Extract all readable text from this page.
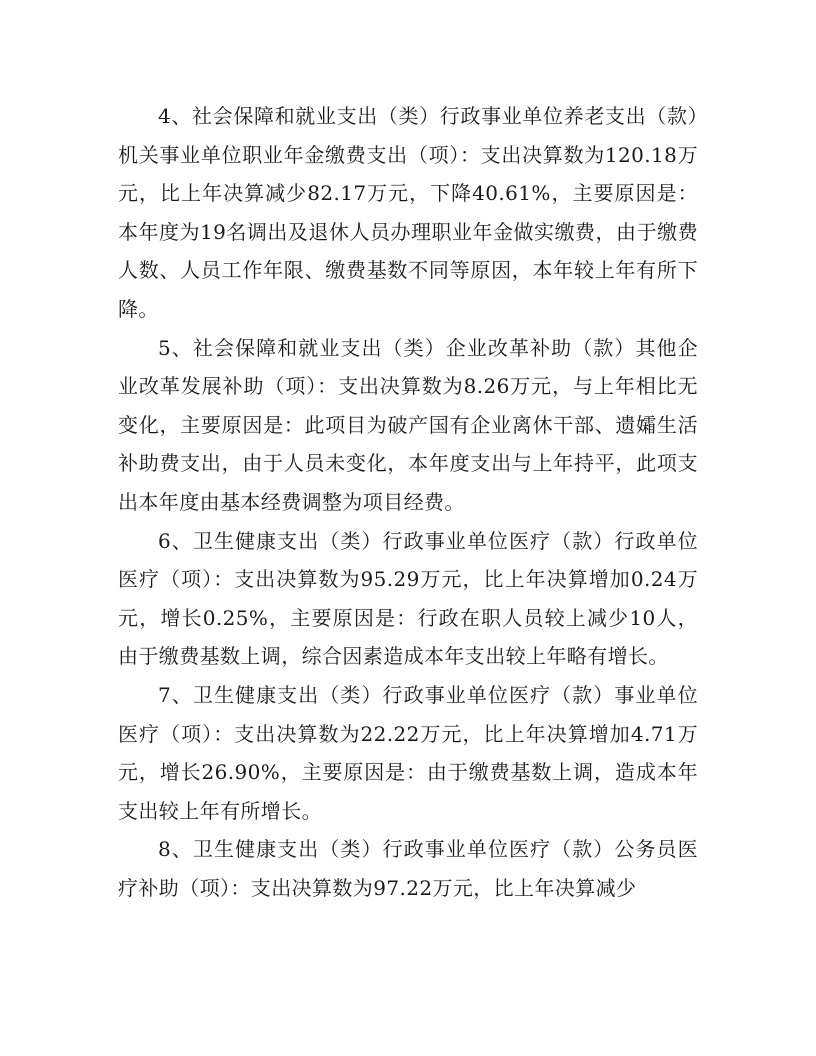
4、社会保障和就业支出（类）行政事业单位养老支出（款）机关事业单位职业年金缴费支出（项）：支出决算数为120.18万元，比上年决算减少82.17万元，下降40.61%，主要原因是：本年度为19名调出及退休人员办理职业年金做实缴费，由于缴费人数、人员工作年限、缴费基数不同等原因，本年较上年有所下降。

5、社会保障和就业支出（类）企业改革补助（款）其他企业改革发展补助（项）：支出决算数为8.26万元，与上年相比无变化，主要原因是：此项目为破产国有企业离休干部、遗孀生活补助费支出，由于人员未变化，本年度支出与上年持平，此项支出本年度由基本经费调整为项目经费。

6、卫生健康支出（类）行政事业单位医疗（款）行政单位医疗（项）：支出决算数为95.29万元，比上年决算增加0.24万元，增长0.25%，主要原因是：行政在职人员较上减少10人，由于缴费基数上调，综合因素造成本年支出较上年略有增长。

7、卫生健康支出（类）行政事业单位医疗（款）事业单位医疗（项）：支出决算数为22.22万元，比上年决算增加4.71万元，增长26.90%，主要原因是：由于缴费基数上调，造成本年支出较上年有所增长。

8、卫生健康支出（类）行政事业单位医疗（款）公务员医疗补助（项）：支出决算数为97.22万元，比上年决算减少
